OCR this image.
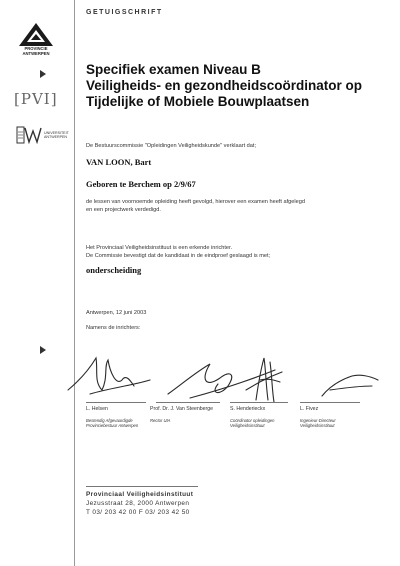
GETUIGSCHRIFT
PROVINCIE ANTWERPEN
[PVI]
UNIVERSITEIT ANTWERPEN
Specifiek examen Niveau B
Veiligheids- en gezondheidscoördinator op
Tijdelijke of Mobiele Bouwplaatsen
De Bestuurscommissie "Opleidingen Veiligheidskunde" verklaart dat;
VAN LOON, Bart
Geboren te Berchem op 2/9/67
de lessen van voornoemde opleiding heeft gevolgd, hierover een examen heeft afgelegd
en een projectwerk verdedigd.
Het Provinciaal Veiligheidsinstituut is een erkende inrichter.
De Commissie bevestigt dat de kandidaat in de eindproef geslaagd is met;
onderscheiding
Antwerpen, 12 juni 2003
Namens de inrichters:
L. Helsen
Bestendig Afgevaardigde
Provinciebestuur Antwerpen
Prof. Dr. J. Van Steenberge
Rector UIA
S. Henderieckx
Coördinator opleidingen
Veiligheidsinstituut
L. Fivez
Ingenieur-Directeur
Veiligheidsinstituut
Provinciaal Veiligheidsinstituut
Jezusstraat 28, 2000 Antwerpen
T 03/ 203 42 00 F 03/ 203 42 50
